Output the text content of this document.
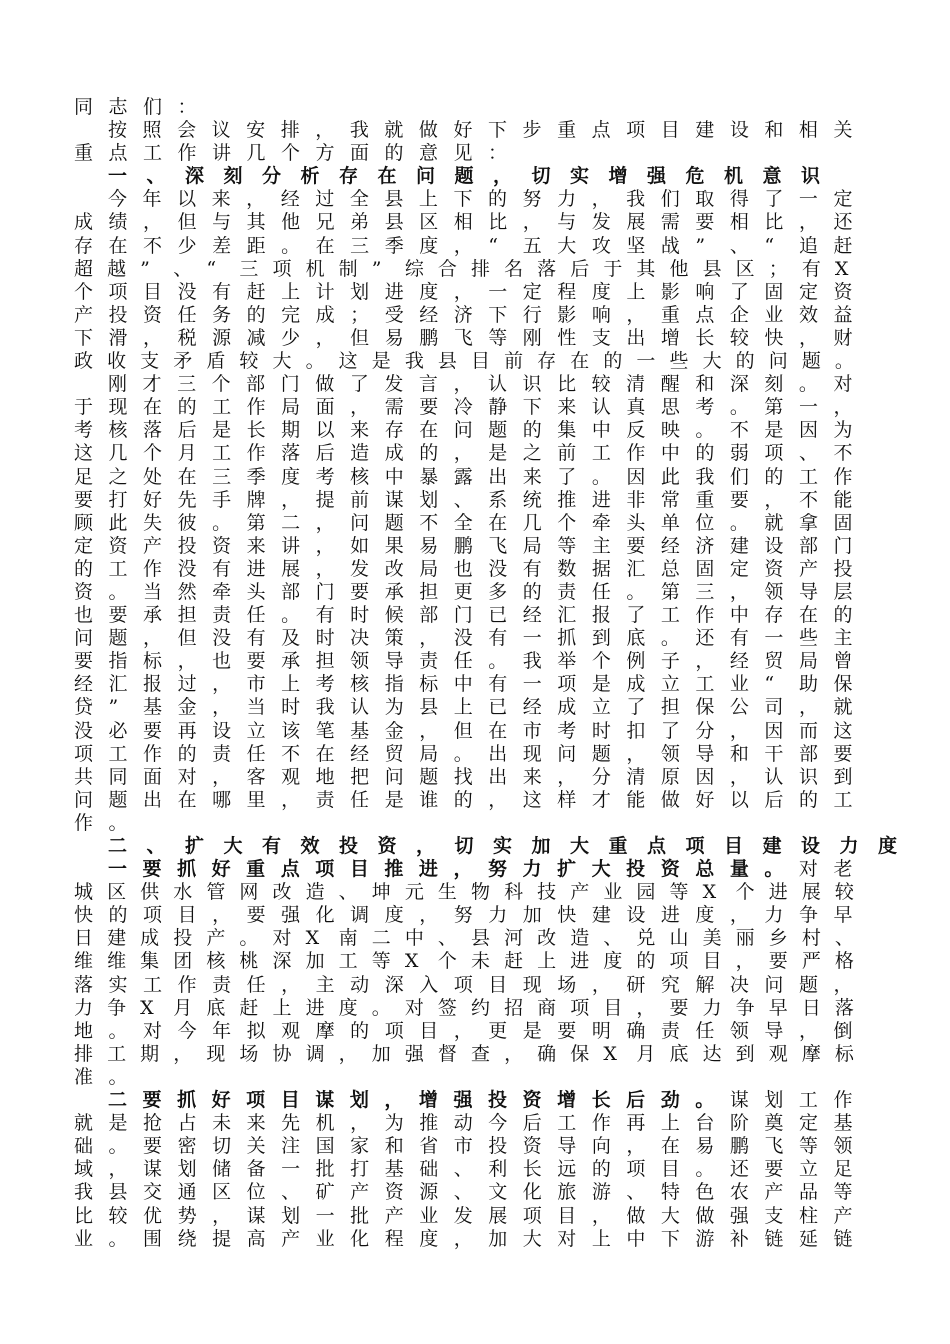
同 志 们 ：
按 照 会 议 安 排 ， 我 就 做 好 下 步 重 点 项 目 建 设 和 相 关
重 点 工 作 讲 几 个 方 面 的 意 见 ：
一 、 深 刻 分 析 存 在 问 题 ， 切 实 增 强 危 机 意 识
今 年 以 来 ， 经 过 全 县 上 下 的 努 力 ， 我 们 取 得 了 一 定
成 绩 ， 但 与 其 他 兄 弟 县 区 相 比 ， 与 发 展 需 要 相 比 ， 还
存 在 不 少 差 距 。 在 三 季 度 ， “ 五 大 攻 坚 战 ” 、 “ 追 赶
超 越 ” 、 “ 三 项 机 制 ” 综 合 排 名 落 后 于 其 他 县 区 ； 有 X
个 项 目 没 有 赶 上 计 划 进 度 ， 一 定 程 度 上 影 响 了 固 定 资
产 投 资 任 务 的 完 成 ； 受 经 济 下 行 影 响 ， 重 点 企 业 效 益
下 滑 ， 税 源 减 少 ， 但 易 鹏 飞 等 刚 性 支 出 增 长 较 快 ， 财
政 收 支 矛 盾 较 大 。 这 是 我 县 目 前 存 在 的 一 些 大 的 问 题 。
刚 才 三 个 部 门 做 了 发 言 ， 认 识 比 较 清 醒 和 深 刻 。 对
于 现 在 的 工 作 局 面 ， 需 要 冷 静 下 来 认 真 思 考 。 第 一 ，
考 核 落 后 是 长 期 以 来 存 在 问 题 的 集 中 反 映 。 不 是 因 为
这 几 个 月 工 作 落 后 造 成 的 ， 是 之 前 工 作 中 的 弱 项 、 不
足 之 处 在 三 季 度 考 核 中 暴 露 出 来 了 。 因 此 我 们 的 工 作
要 打 好 先 手 牌 ， 提 前 谋 划 、 系 统 推 进 非 常 重 要 ， 不 能
顾 此 失 彼 。 第 二 ， 问 题 不 全 在 几 个 牵 头 单 位 。 就 拿 固
定 资 产 投 资 来 讲 ， 如 果 易 鹏 飞 局 等 主 要 经 济 建 设 部 门
的 工 作 没 有 进 展 ， 发 改 局 也 没 有 数 据 汇 总 固 定 资 产 投
资 。 当 然 牵 头 部 门 要 承 担 更 多 的 责 任 。 第 三 ， 领 导 层
也 要 承 担 责 任 。 有 时 候 部 门 已 经 汇 报 了 工 作 中 存 在 的
问 题 ， 但 没 有 及 时 决 策 ， 没 有 一 抓 到 底 。 还 有 一 些 主
要 指 标 ， 也 要 承 担 领 导 责 任 。 我 举 个 例 子 ， 经 贸 局 曾
经 汇 报 过 ， 市 上 考 核 指 标 中 有 一 项 是 成 立 工 业 “ 助 保
贷 ” 基 金 ， 当 时 我 认 为 县 上 已 经 成 立 了 担 保 公 司 ， 就
没 必 要 再 设 立 该 笔 基 金 ， 但 在 市 考 时 扣 了 分 ， 因 而 这
项 工 作 的 责 任 不 在 经 贸 局 。 出 现 问 题 ， 领 导 和 干 部 要
共 同 面 对 ， 客 观 地 把 问 题 找 出 来 ， 分 清 原 因 ， 认 识 到
问 题 出 在 哪 里 ， 责 任 是 谁 的 ， 这 样 才 能 做 好 以 后 的 工
作 。
二 、 扩 大 有 效 投 资 ， 切 实 加 大 重 点 项 目 建 设 力 度
一 要 抓 好 重 点 项 目 推 进 ， 努 力 扩 大 投 资 总 量 。 对 老
城 区 供 水 管 网 改 造 、 坤 元 生 物 科 技 产 业 园 等 X 个 进 展 较
快 的 项 目 ， 要 强 化 调 度 ， 努 力 加 快 建 设 进 度 ， 力 争 早
日 建 成 投 产 。 对 X 南 二 中 、 县 河 改 造 、 兑 山 美 丽 乡 村 、
维 维 集 团 核 桃 深 加 工 等 X 个 未 赶 上 进 度 的 项 目 ， 要 严 格
落 实 工 作 责 任 ， 主 动 深 入 项 目 现 场 ， 研 究 解 决 问 题 ，
力 争 X 月 底 赶 上 进 度 。 对 签 约 招 商 项 目 ， 要 力 争 早 日 落
地 。 对 今 年 拟 观 摩 的 项 目 ， 更 是 要 明 确 责 任 领 导 ， 倒
排 工 期 ， 现 场 协 调 ， 加 强 督 查 ， 确 保 X 月 底 达 到 观 摩 标
准 。
二 要 抓 好 项 目 谋 划 ， 增 强 投 资 增 长 后 劲 。 谋 划 工 作
就 是 抢 占 未 来 先 机 ， 为 推 动 今 后 工 作 再 上 台 阶 奠 定 基
础 。 要 密 切 关 注 国 家 和 省 市 投 资 导 向 ， 在 易 鹏 飞 等 领
域 ， 谋 划 储 备 一 批 打 基 础 、 利 长 远 的 项 目 。 还 要 立 足
我 县 交 通 区 位 、 矿 产 资 源 、 文 化 旅 游 、 特 色 农 产 品 等
比 较 优 势 ， 谋 划 一 批 产 业 发 展 项 目 ， 做 大 做 强 支 柱 产
业 。 围 绕 提 高 产 业 化 程 度 ， 加 大 对 上 中 下 游 补 链 延 链
